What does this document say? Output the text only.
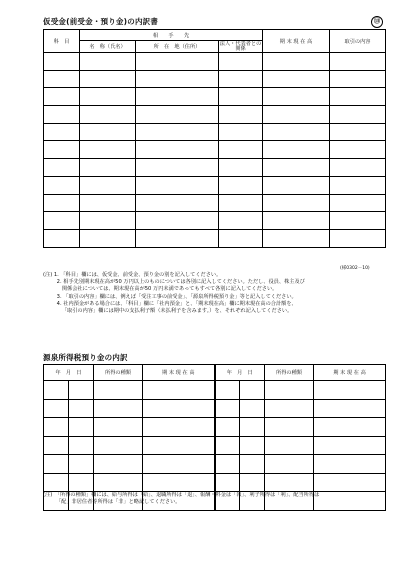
仮受金(前受金・預り金)の内訳書	⑬
科　目	相　　手　　先			期 末 現 在 高	取引の内容
	名　称（氏名）	所　在　地（住所）	法人・代表者との関係		

(様0302－10)
(注) 1. 「科目」欄には、仮受金、前受金、預り金の別を記入してください。
　　  2. 相手先別期末現在高が50 万円以上のものについては各別に記入してください。ただし、役員、株主及び
　　　  関係会社については、期末現在高が50 万円未満であってもすべて各別に記入してください。
　　  3. 「取引の内容」欄には、例えば「受注工事の前受金」、「源泉所得税預り金」等と記入してください。
　　  4. 社内預金がある場合には、「科目」欄に「社内預金」と、「期末現在高」欄に期末現在高の合計額を、
　　　  「取引の内容」欄には期中の支払利子額（未払利子を含みます。）を、それぞれ記入してください。
源泉所得税預り金の内訳
年　月　日		所得の種類	期 末 現 在 高	年　月　日		所得の種類	期 末 現 在 高

(注)　「所得の種類」欄には、給与所得は「給」、退職所得は「退」、報酬・料金は「報」、利子所得は「利」、配当所得は
　　　「配」非居住者等所得は「非」と略記してください。
